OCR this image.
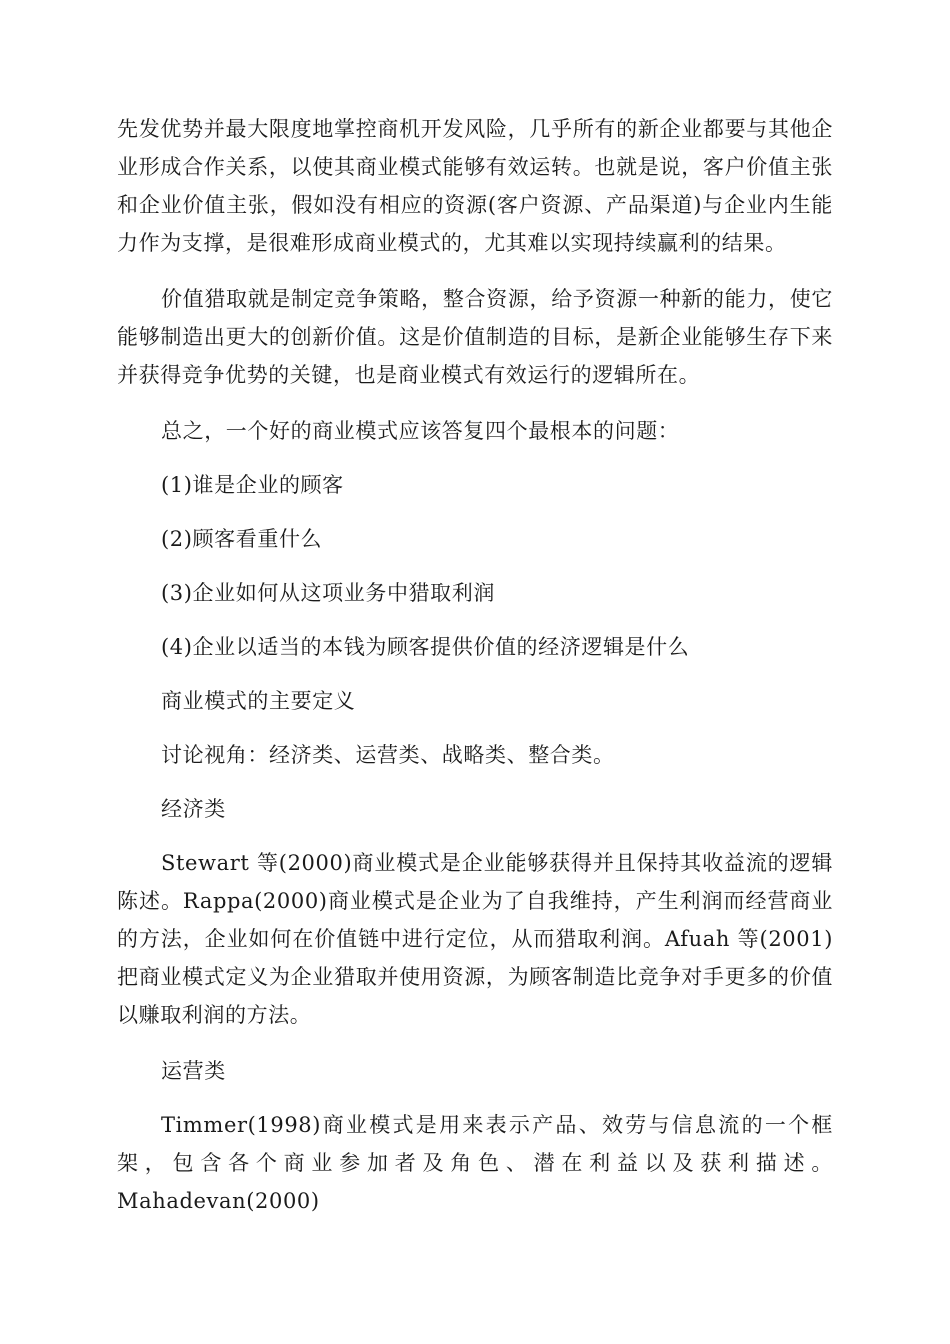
先发优势并最大限度地掌控商机开发风险，几乎所有的新企业都要与其他企业形成合作关系，以使其商业模式能够有效运转。也就是说，客户价值主张和企业价值主张，假如没有相应的资源(客户资源、产品渠道)与企业内生能力作为支撑，是很难形成商业模式的，尤其难以实现持续赢利的结果。

价值猎取就是制定竞争策略，整合资源，给予资源一种新的能力，使它能够制造出更大的创新价值。这是价值制造的目标，是新企业能够生存下来并获得竞争优势的关键，也是商业模式有效运行的逻辑所在。

总之，一个好的商业模式应该答复四个最根本的问题：

(1)谁是企业的顾客

(2)顾客看重什么

(3)企业如何从这项业务中猎取利润

(4)企业以适当的本钱为顾客提供价值的经济逻辑是什么

商业模式的主要定义

讨论视角：经济类、运营类、战略类、整合类。

经济类

Stewart 等(2000)商业模式是企业能够获得并且保持其收益流的逻辑陈述。Rappa(2000)商业模式是企业为了自我维持，产生利润而经营商业的方法，企业如何在价值链中进行定位，从而猎取利润。Afuah 等(2001)把商业模式定义为企业猎取并使用资源，为顾客制造比竞争对手更多的价值以赚取利润的方法。

运营类

Timmer(1998)商业模式是用来表示产品、效劳与信息流的一个框架，包含各个商业参加者及角色、潜在利益以及获利描述。Mahadevan(2000)
